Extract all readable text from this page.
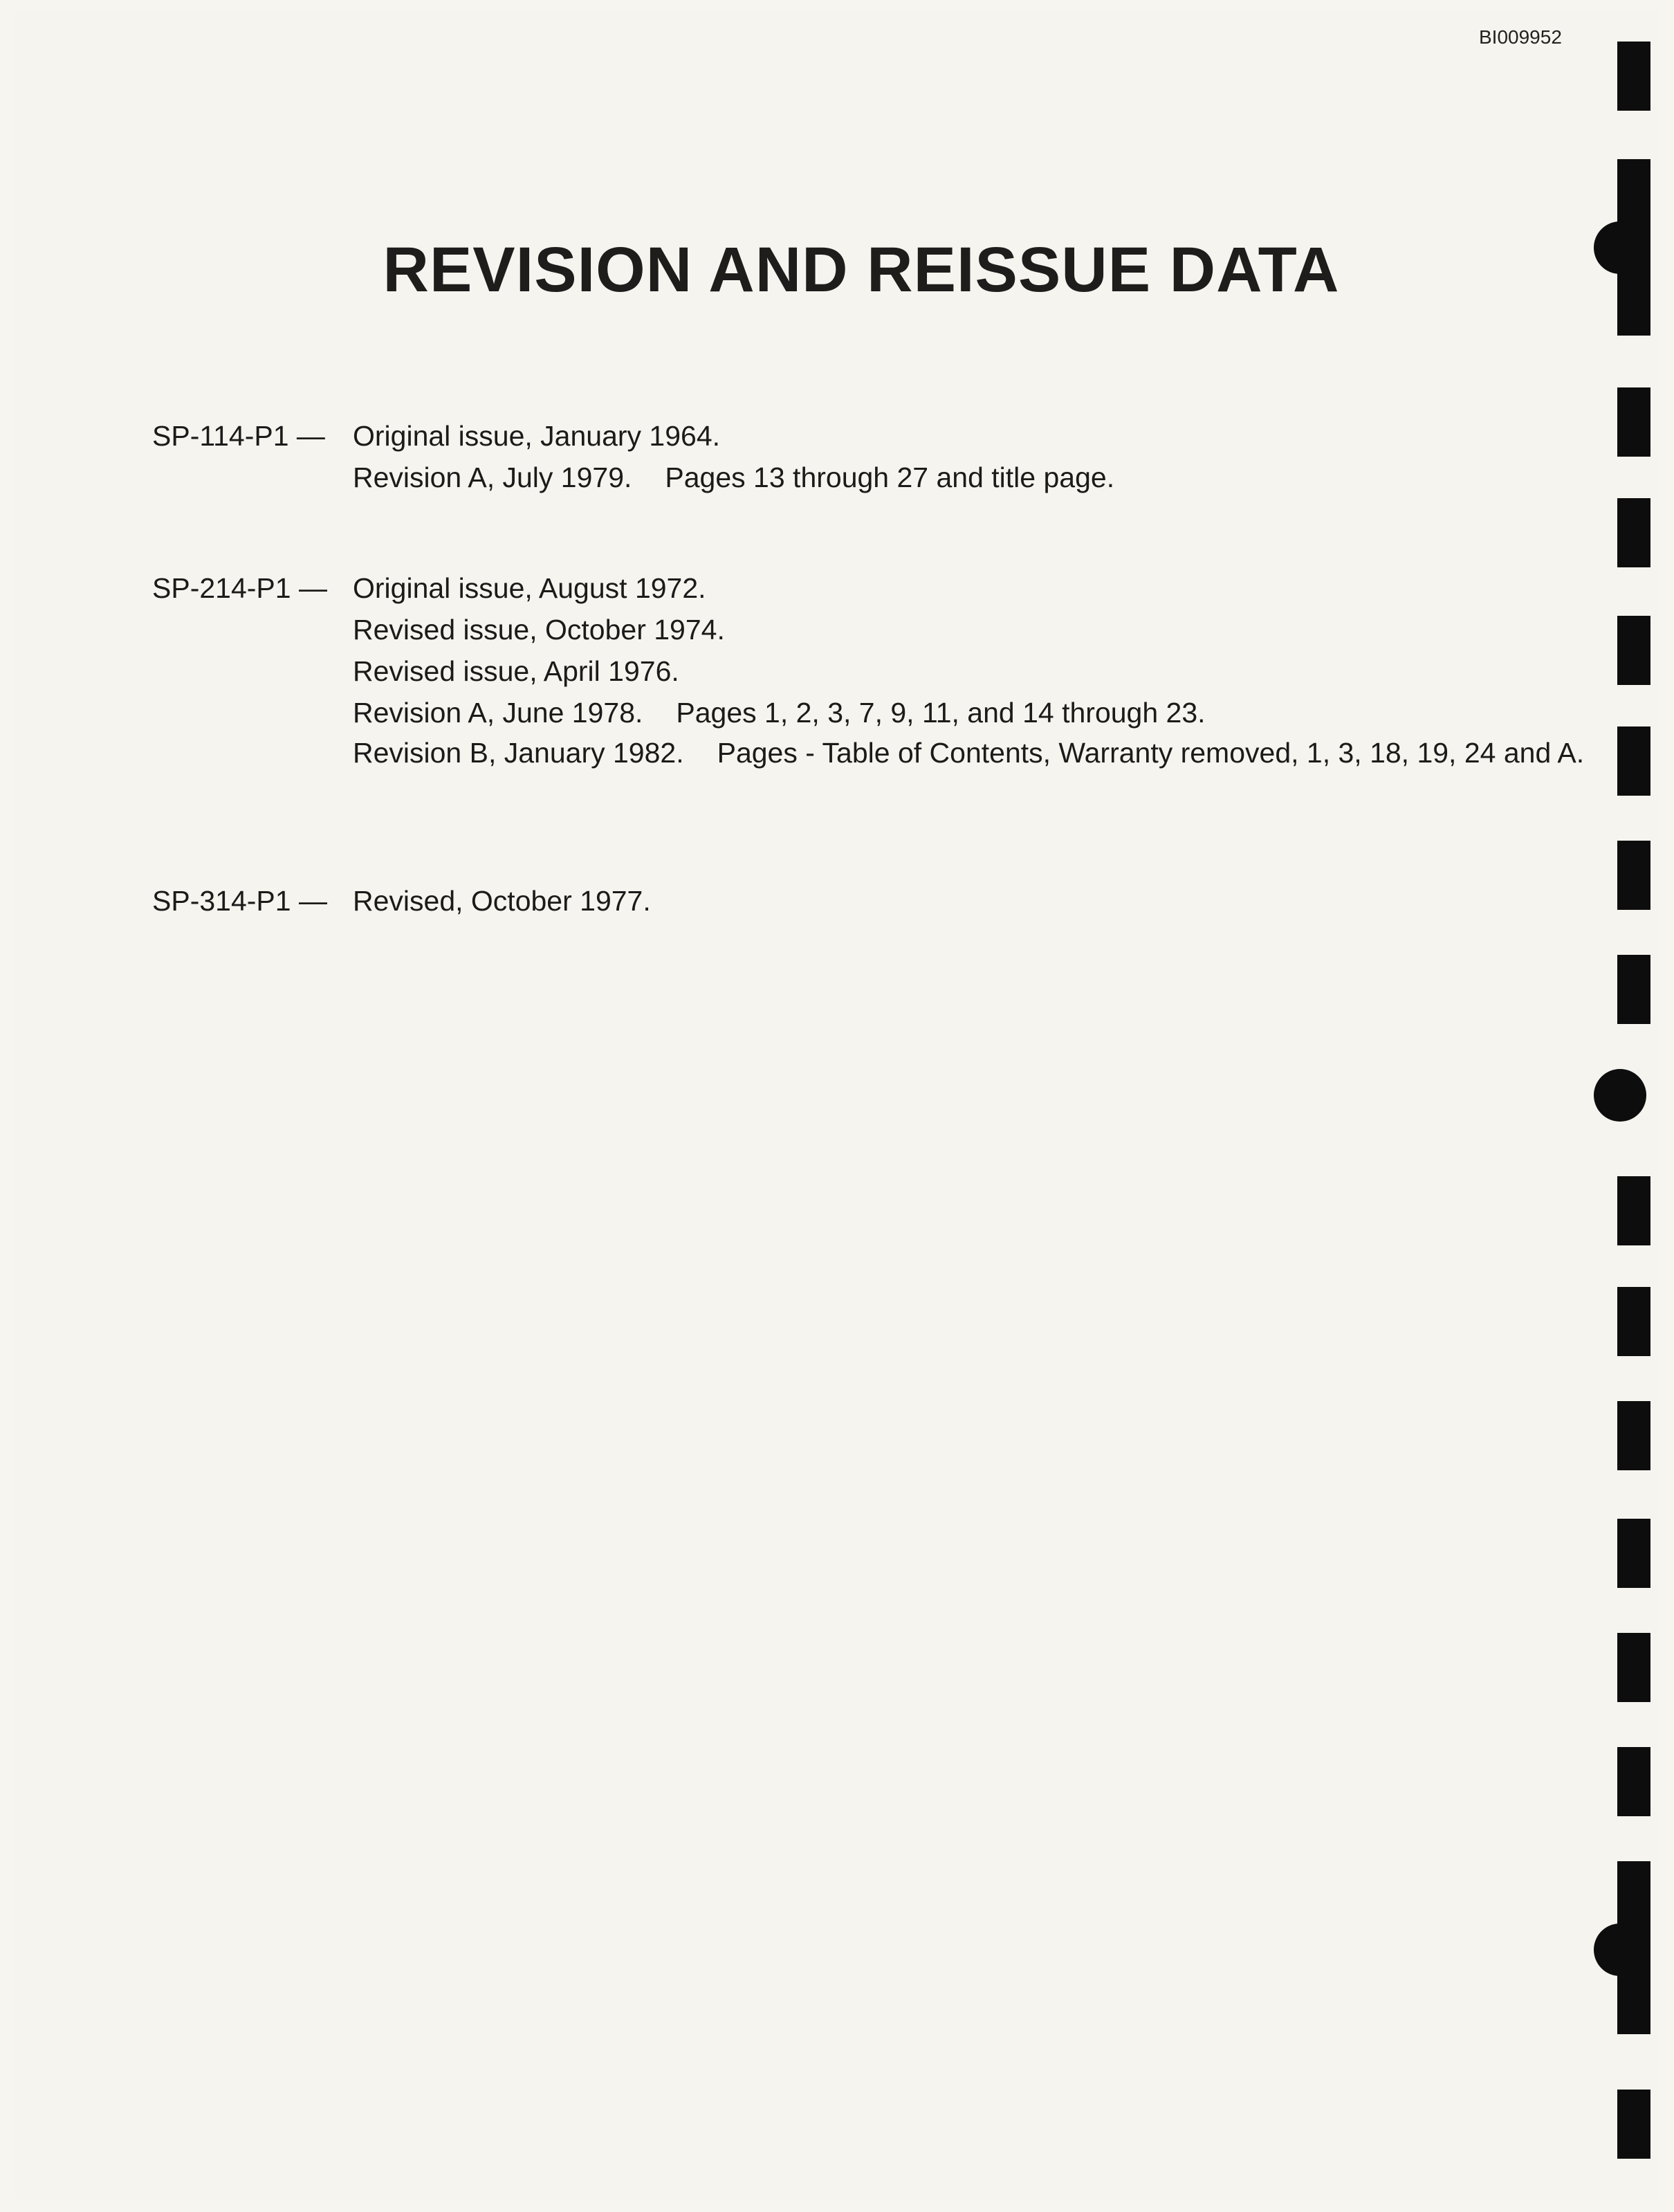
BI009952
REVISION AND REISSUE DATA
SP-114-P1 — Original issue, January 1964.
Revision A, July 1979. Pages 13 through 27 and title page.
SP-214-P1 — Original issue, August 1972.
Revised issue, October 1974.
Revised issue, April 1976.
Revision A, June 1978. Pages 1, 2, 3, 7, 9, 11, and 14 through 23.
Revision B, January 1982. Pages - Table of Contents, Warranty removed, 1, 3, 18, 19, 24 and A.
SP-314-P1 — Revised, October 1977.
